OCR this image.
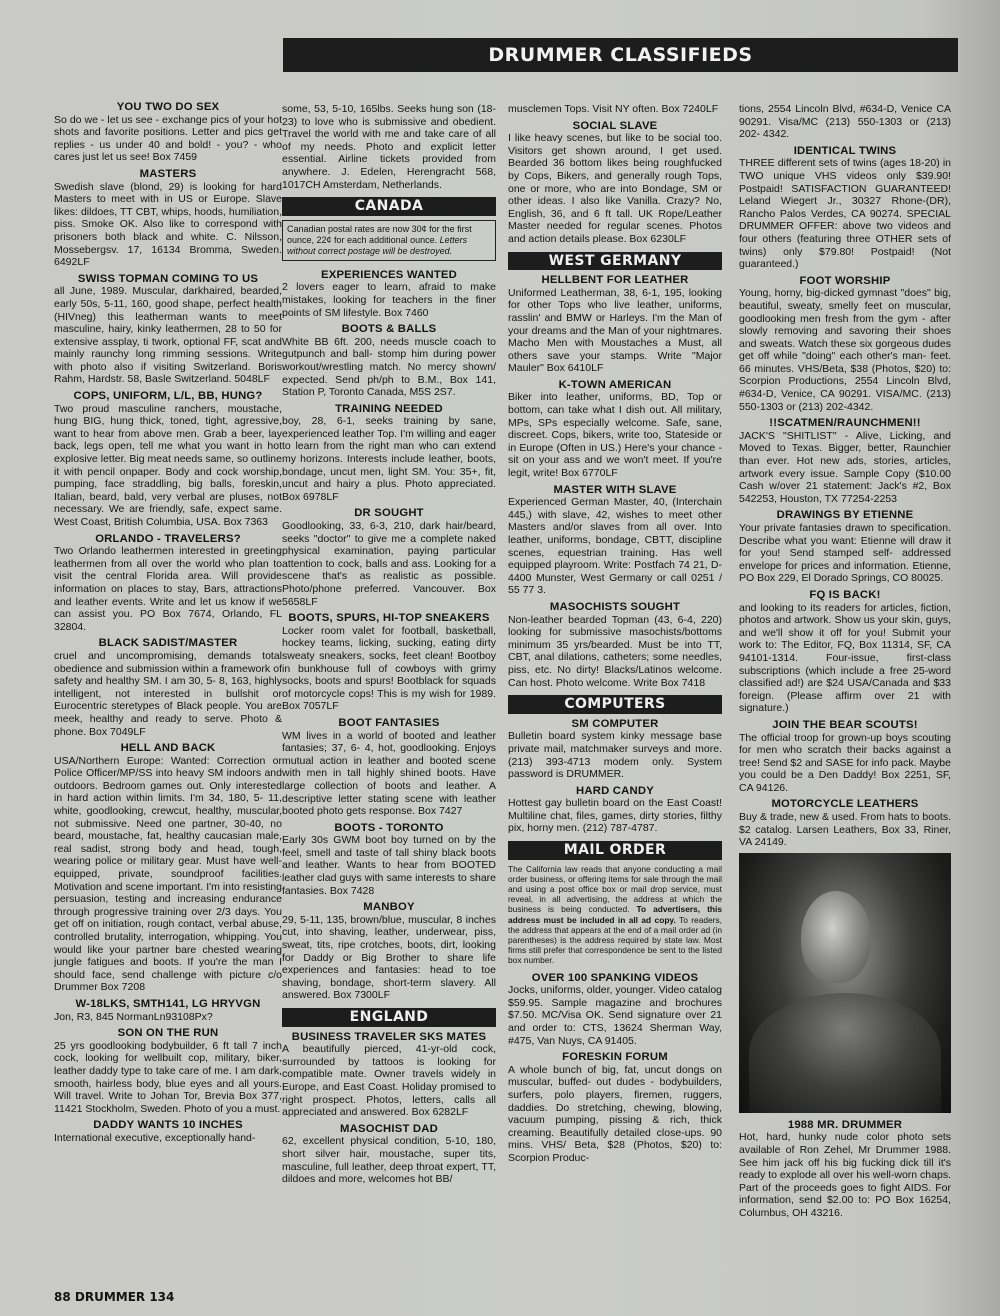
DRUMMER CLASSIFIEDS
YOU TWO DO SEX
So do we - let us see - exchange pics of your hot shots and favorite positions. Letter and pics get replies - us under 40 and bold! - you? - who cares just let us see! Box 7459
MASTERS
Swedish slave (blond, 29) is looking for hard Masters to meet with in US or Europe. Slave likes: dildoes, TT CBT, whips, hoods, humiliation, piss. Smoke OK. Also like to correspond with prisoners both black and white. C. Nilsson, Mossebergsv. 17, 16134 Bromma, Sweden. 6492LF
SWISS TOPMAN COMING TO US
all June, 1989. Muscular, darkhaired, bearded, early 50s, 5-11, 160, good shape, perfect health (HIVneg) this leatherman wants to meet masculine, hairy, kinky leathermen, 28 to 50 for extensive assplay, ti twork, optional FF, scat and mainly raunchy long rimming sessions. Write with photo also if visiting Switzerland. Boris Rahm, Hardstr. 58, Basle Switzerland. 5048LF
COPS, UNIFORM, L/L, BB, HUNG?
Two proud masculine ranchers, moustache, hung BIG, hung thick, toned, tight, agressive, want to hear from above men. Grab a beer, lay back, legs open, tell me what you want in hot explosive letter. Big meat needs same, so outline it with pencil onpaper. Body and cock worship, pumping, face straddling, big balls, foreskin, Italian, beard, bald, very verbal are pluses, not necessary. We are friendly, safe, expect same. West Coast, British Columbia, USA. Box 7363
ORLANDO - TRAVELERS?
Two Orlando leathermen interested in greeting leathermen from all over the world who plan to visit the central Florida area. Will provide information on places to stay, Bars, attractions and leather events. Write and let us know if we can assist you. PO Box 7674, Orlando, FL 32804.
BLACK SADIST/MASTER
cruel and uncompromising, demands total obedience and submission within a framework of safety and healthy SM. I am 30, 5- 8, 163, highly intelligent, not interested in bullshit or Eurocentric steretypes of Black people. You are meek, healthy and ready to serve. Photo & phone. Box 7049LF
HELL AND BACK
USA/Northern Europe: Wanted: Correction or Police Officer/MP/SS into heavy SM indoors and outdoors. Bedroom games out. Only interested in hard action within limits. I'm 34, 180, 5- 11, white, goodlooking, crewcut, healthy, muscular, not submissive. Need one partner, 30-40, no beard, moustache, fat, healthy caucasian male, real sadist, strong body and head, tough, wearing police or military gear. Must have well-equipped, private, soundproof facilities. Motivation and scene important. I'm into resisting persuasion, testing and increasing endurance through progressive training over 2/3 days. You get off on initiation, rough contact, verbal abuse, controlled brutality, interrogation, whipping. You would like your partner bare chested wearing jungle fatigues and boots. If you're the man I should face, send challenge with picture c/o Drummer Box 7208
W-18LKS, SMTH141, LG HRYVGN
Jon, R3, 845 NormanLn93108Px?
SON ON THE RUN
25 yrs goodlooking bodybuilder, 6 ft tall 7 inch cock, looking for wellbuilt cop, military, biker, leather daddy type to take care of me. I am dark, smooth, hairless body, blue eyes and all yours. Will travel. Write to Johan Tor, Brevia Box 377, 11421 Stockholm, Sweden. Photo of you a must.
DADDY WANTS 10 INCHES
International executive, exceptionally hand-
some, 53, 5-10, 165lbs. Seeks hung son (18-23) to love who is submissive and obedient. Travel the world with me and take care of all of my needs. Photo and explicit letter essential. Airline tickets provided from anywhere. J. Edelen, Herengracht 568, 1017CH Amsterdam, Netherlands.
CANADA
Canadian postal rates are now 30¢ for the first ounce, 22¢ for each additional ounce. Letters without correct postage will be destroyed.
EXPERIENCES WANTED
2 lovers eager to learn, afraid to make mistakes, looking for teachers in the finer points of SM lifestyle. Box 7460
BOOTS & BALLS
White BB 6ft. 200, needs muscle coach to gutpunch and ball- stomp him during power workout/wrestling match. No mercy shown/ expected. Send ph/ph to B.M., Box 141, Station P, Toronto Canada, M5S 2S7.
TRAINING NEEDED
boy, 28, 6-1, seeks training by sane, experienced leather Top. I'm willing and eager to learn from the right man who can extend my horizons. Interests include leather, boots, bondage, uncut men, light SM. You: 35+, fit, uncut and hairy a plus. Photo appreciated. Box 6978LF
DR SOUGHT
Goodlooking, 33, 6-3, 210, dark hair/beard, seeks "doctor" to give me a complete naked physical examination, paying particular attention to cock, balls and ass. Looking for a scene that's as realistic as possible. Photo/phone preferred. Vancouver. Box 5658LF
BOOTS, SPURS, HI-TOP SNEAKERS
Locker room valet for football, basketball, hockey teams, licking, sucking, eating dirty sweaty sneakers, socks, feet clean! Bootboy in bunkhouse full of cowboys with grimy socks, boots and spurs! Bootblack for squads of motorcycle cops! This is my wish for 1989. Box 7057LF
BOOT FANTASIES
WM lives in a world of booted and leather fantasies; 37, 6- 4, hot, goodlooking. Enjoys mutual action in leather and booted scene with men in tall highly shined boots. Have large collection of boots and leather. A descriptive letter stating scene with leather booted photo gets response. Box 7427
BOOTS - TORONTO
Early 30s GWM boot boy turned on by the feel, smell and taste of tall shiny black boots and leather. Wants to hear from BOOTED leather clad guys with same interests to share fantasies. Box 7428
MANBOY
29, 5-11, 135, brown/blue, muscular, 8 inches cut, into shaving, leather, underwear, piss, sweat, tits, ripe crotches, boots, dirt, looking for Daddy or Big Brother to share life experiences and fantasies: head to toe shaving, bondage, short-term slavery. All answered. Box 7300LF
ENGLAND
BUSINESS TRAVELER SKS MATES
A beautifully pierced, 41-yr-old cock, surrounded by tattoos is looking for compatible mate. Owner travels widely in Europe, and East Coast. Holiday promised to right prospect. Photos, letters, calls all appreciated and answered. Box 6282LF
MASOCHIST DAD
62, excellent physical condition, 5-10, 180, short silver hair, moustache, super tits, masculine, full leather, deep throat expert, TT, dildoes and more, welcomes hot BB/
musclemen Tops. Visit NY often. Box 7240LF
SOCIAL SLAVE
I like heavy scenes, but like to be social too. Visitors get shown around, I get used. Bearded 36 bottom likes being roughfucked by Cops, Bikers, and generally rough Tops, one or more, who are into Bondage, SM or other ideas. I also like Vanilla. Crazy? No, English, 36, and 6 ft tall. UK Rope/Leather Master needed for regular scenes. Photos and action details please. Box 6230LF
WEST GERMANY
HELLBENT FOR LEATHER
Uniformed Leatherman, 38, 6-1, 195, looking for other Tops who live leather, uniforms, rasslin' and BMW or Harleys. I'm the Man of your dreams and the Man of your nightmares. Macho Men with Moustaches a Must, all others save your stamps. Write "Major Mauler" Box 6410LF
K-TOWN AMERICAN
Biker into leather, uniforms, BD, Top or bottom, can take what I dish out. All military, MPs, SPs especially welcome. Safe, sane, discreet. Cops, bikers, write too, Stateside or in Europe (Often in US.) Here's your chance - sit on your ass and we won't meet. If you're legit, write! Box 6770LF
MASTER WITH SLAVE
Experienced German Master, 40, (Interchain 445,) with slave, 42, wishes to meet other Masters and/or slaves from all over. Into leather, uniforms, bondage, CBTT, discipline scenes, equestrian training. Has well equipped playroom. Write: Postfach 74 21, D-4400 Munster, West Germany or call 0251 / 55 77 3.
MASOCHISTS SOUGHT
Non-leather bearded Topman (43, 6-4, 220) looking for submissive masochists/bottoms minimum 35 yrs/bearded. Must be into TT, CBT, anal dilations, catheters; some needles, piss, etc. No dirty! Blacks/Latinos welcome. Can host. Photo welcome. Write Box 7418
COMPUTERS
SM COMPUTER
Bulletin board system kinky message base private mail, matchmaker surveys and more. (213) 393-4713 modem only. System password is DRUMMER.
HARD CANDY
Hottest gay bulletin board on the East Coast! Multiline chat, files, games, dirty stories, filthy pix, horny men. (212) 787-4787.
MAIL ORDER
The California law reads that anyone conducting a mail order business, or offering items for sale through the mail and using a post office box or mail drop service, must reveal, in all advertising, the address at which the business is being conducted. To advertisers, this address must be included in all ad copy. To readers, the address that appears at the end of a mail order ad (in parentheses) is the address required by state law. Most firms still prefer that correspondence be sent to the listed box number.
OVER 100 SPANKING VIDEOS
Jocks, uniforms, older, younger. Video catalog $59.95. Sample magazine and brochures $7.50. MC/Visa OK. Send signature over 21 and order to: CTS, 13624 Sherman Way, #475, Van Nuys, CA 91405.
FORESKIN FORUM
A whole bunch of big, fat, uncut dongs on muscular, buffed- out dudes - bodybuilders, surfers, polo players, firemen, ruggers, daddies. Do stretching, chewing, blowing, vacuum pumping, pissing & rich, thick creaming. Beautifully detailed close-ups. 90 mins. VHS/ Beta, $28 (Photos, $20) to: Scorpion Produc-
tions, 2554 Lincoln Blvd, #634-D, Venice CA 90291. Visa/MC (213) 550-1303 or (213) 202- 4342.
IDENTICAL TWINS
THREE different sets of twins (ages 18-20) in TWO unique VHS videos only $39.90! Postpaid! SATISFACTION GUARANTEED! Leland Wiegert Jr., 30327 Rhone-(DR), Rancho Palos Verdes, CA 90274. SPECIAL DRUMMER OFFER: above two videos and four others (featuring three OTHER sets of twins) only $79.80! Postpaid! (Not guaranteed.)
FOOT WORSHIP
Young, horny, big-dicked gymnast "does" big, beautiful, sweaty, smelly feet on muscular, goodlooking men fresh from the gym - after slowly removing and savoring their shoes and sweats. Watch these six gorgeous dudes get off while "doing" each other's man- feet. 66 minutes. VHS/Beta, $38 (Photos, $20) to: Scorpion Productions, 2554 Lincoln Blvd, #634-D, Venice, CA 90291. VISA/MC. (213) 550-1303 or (213) 202-4342.
!!SCATMEN/RAUNCHMEN!!
JACK'S "SHITLIST" - Alive, Licking, and Moved to Texas. Bigger, better, Raunchier than ever. Hot new ads, stories, articles, artwork every issue. Sample Copy ($10.00 Cash w/over 21 statement: Jack's #2, Box 542253, Houston, TX 77254-2253
DRAWINGS BY ETIENNE
Your private fantasies drawn to specification. Describe what you want: Etienne will draw it for you! Send stamped self- addressed envelope for prices and information. Etienne, PO Box 229, El Dorado Springs, CO 80025.
FQ IS BACK!
and looking to its readers for articles, fiction, photos and artwork. Show us your skin, guys, and we'll show it off for you! Submit your work to: The Editor, FQ, Box 11314, SF, CA 94101-1314. Four-issue, first-class subscriptions (which include a free 25-word classified ad!) are $24 USA/Canada and $33 foreign. (Please affirm over 21 with signature.)
JOIN THE BEAR SCOUTS!
The official troop for grown-up boys scouting for men who scratch their backs against a tree! Send $2 and SASE for info pack. Maybe you could be a Den Daddy! Box 2251, SF, CA 94126.
MOTORCYCLE LEATHERS
Buy & trade, new & used. From hats to boots. $2 catalog. Larsen Leathers, Box 33, Riner, VA 24149.
1988 MR. DRUMMER
Hot, hard, hunky nude color photo sets available of Ron Zehel, Mr Drummer 1988. See him jack off his big fucking dick till it's ready to explode all over his well-worn chaps. Part of the proceeds goes to fight AIDS. For information, send $2.00 to: PO Box 16254, Columbus, OH 43216.
88 DRUMMER 134
